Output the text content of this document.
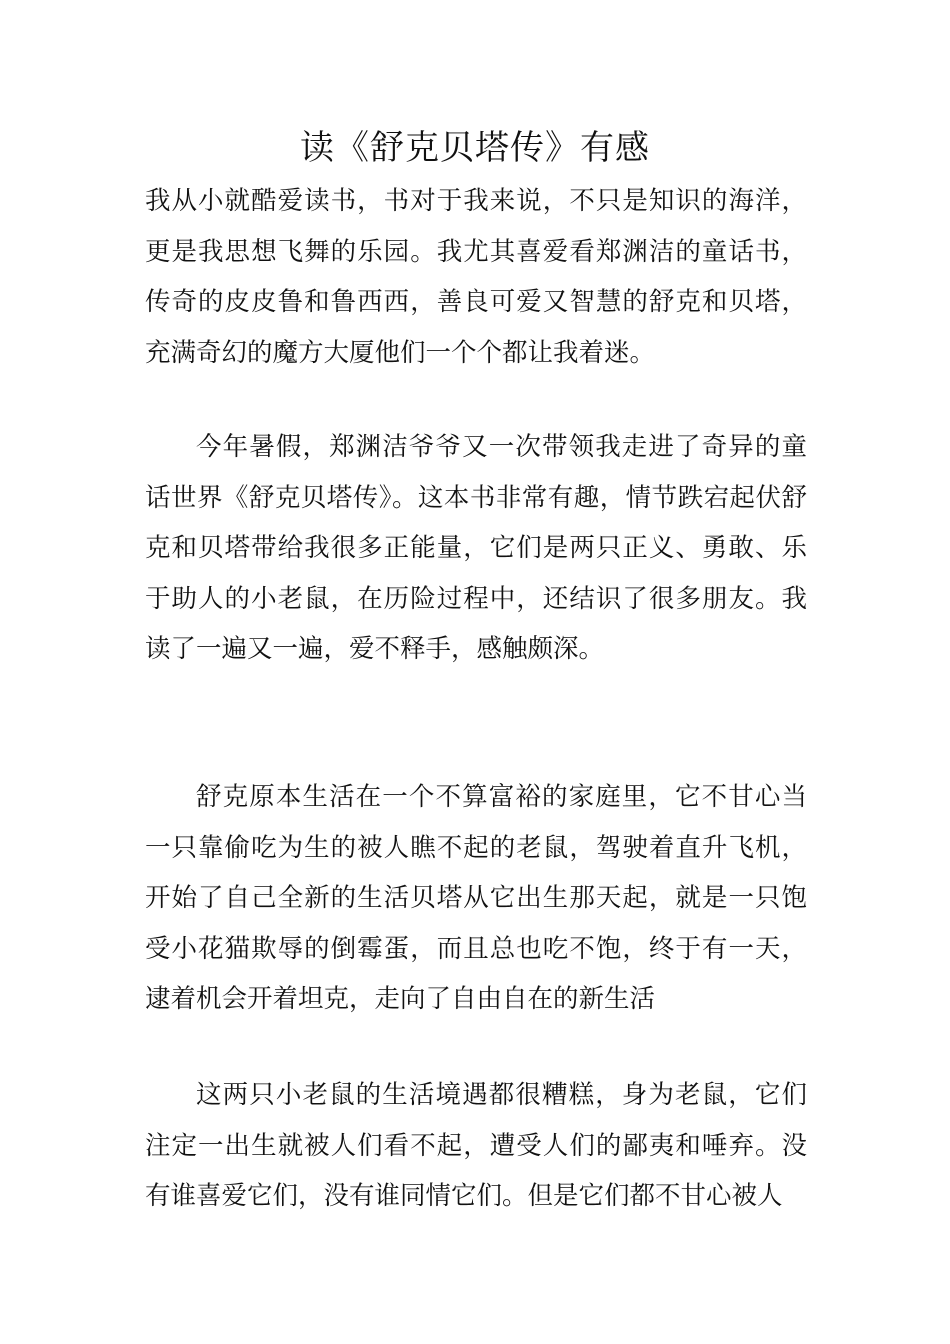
读《舒克贝塔传》有感

我从小就酷爱读书，书对于我来说，不只是知识的海洋，更是我思想飞舞的乐园。我尤其喜爱看郑渊洁的童话书，传奇的皮皮鲁和鲁西西，善良可爱又智慧的舒克和贝塔，充满奇幻的魔方大厦他们一个个都让我着迷。

今年暑假，郑渊洁爷爷又一次带领我走进了奇异的童话世界《舒克贝塔传》。这本书非常有趣，情节跌宕起伏舒克和贝塔带给我很多正能量，它们是两只正义、勇敢、乐于助人的小老鼠，在历险过程中，还结识了很多朋友。我读了一遍又一遍，爱不释手，感触颇深。

舒克原本生活在一个不算富裕的家庭里，它不甘心当一只靠偷吃为生的被人瞧不起的老鼠，驾驶着直升飞机，开始了自己全新的生活贝塔从它出生那天起，就是一只饱受小花猫欺辱的倒霉蛋，而且总也吃不饱，终于有一天，逮着机会开着坦克，走向了自由自在的新生活

这两只小老鼠的生活境遇都很糟糕，身为老鼠，它们注定一出生就被人们看不起，遭受人们的鄙夷和唾弃。没有谁喜爱它们，没有谁同情它们。但是它们都不甘心被人
